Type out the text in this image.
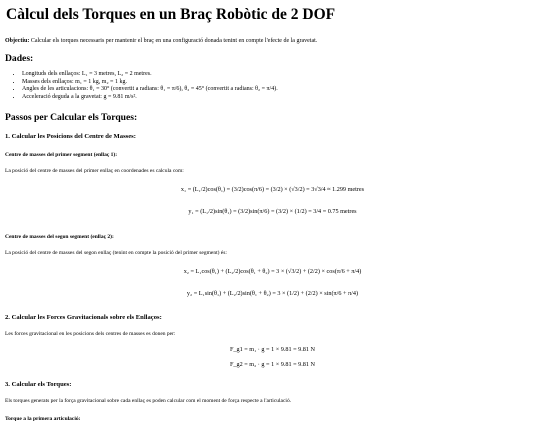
Càlcul dels Torques en un Braç Robòtic de 2 DOF
Objectiu: Calcular els torques necessaris per mantenir el braç en una configuració donada tenint en compte l'efecte de la gravetat.
Dades:
• Longituds dels enllaços: L₁ = 3 metres, L₂ = 2 metres.
• Masses dels enllaços: m₁ = 1 kg, m₂ = 1 kg.
• Angles de les articulacions: θ₁ = 30° (convertit a radians: θ₁ = π/6), θ₂ = 45° (convertit a radians: θ₂ = π/4).
• Acceleració deguda a la gravetat: g = 9.81 m/s².
Passos per Calcular els Torques:
1. Calcular les Posicions del Centre de Masses:
Centre de masses del primer segment (enllaç 1):

La posició del centre de masses del primer enllaç en coordenades es calcula com:

x₁ = (L₁/2)cos(θ₁) = (3/2)cos(π/6) = (3/2) × (√3/2) = 3√3/4 ≈ 1.299 metres
y₁ = (L₁/2)sin(θ₁) = (3/2)sin(π/6) = (3/2) × (1/2) = 3/4 = 0.75 metres
Centre de masses del segon segment (enllaç 2):

La posició del centre de masses del segon enllaç (tenint en compte la posició del primer segment) és:

x₂ = L₁cos(θ₁) + (L₂/2)cos(θ₁ + θ₂) = 3 × (√3/2) + (2/2) × cos(π/6 + π/4)
y₂ = L₁sin(θ₁) + (L₂/2)sin(θ₁ + θ₂) = 3 × (1/2) + (2/2) × sin(π/6 + π/4)
2. Calcular les Forces Gravitacionals sobre els Enllaços:

Les forces gravitacional en les posicions dels centres de masses es donen per:

F_g1 = m₁ · g = 1 × 9.81 = 9.81 N
F_g2 = m₂ · g = 1 × 9.81 = 9.81 N
3. Calcular els Torques:

Els torques generats per la força gravitacional sobre cada enllaç es poden calcular com el moment de força respecte a l'articulació.

Torque a la primera articulació:
